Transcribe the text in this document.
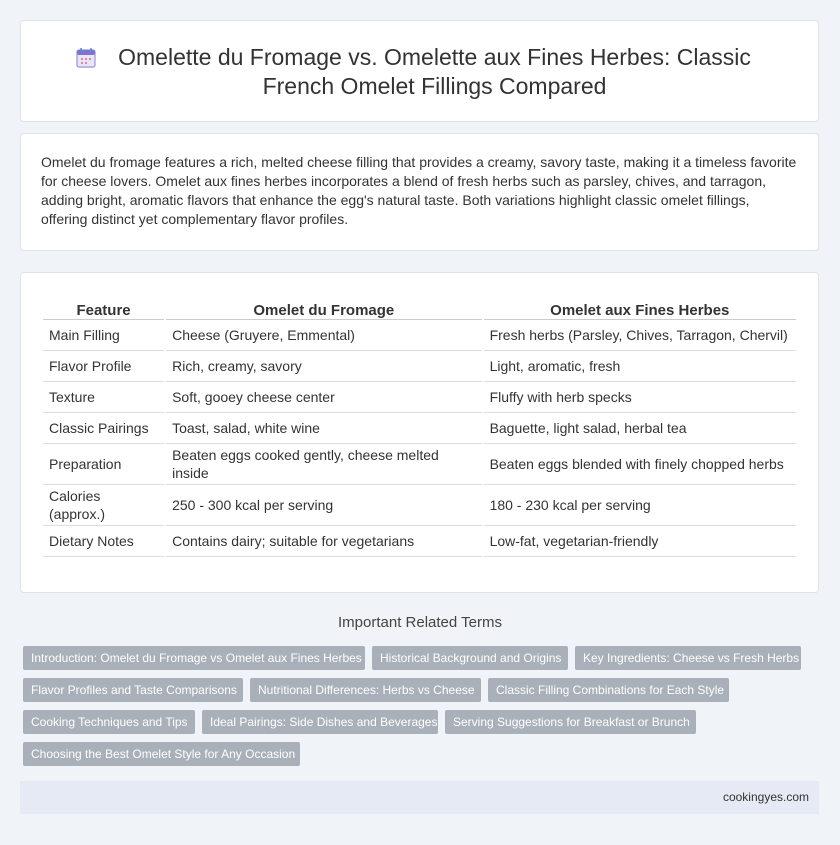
Omelette du Fromage vs. Omelette aux Fines Herbes: Classic French Omelet Fillings Compared

Omelet du fromage features a rich, melted cheese filling that provides a creamy, savory taste, making it a timeless favorite for cheese lovers. Omelet aux fines herbes incorporates a blend of fresh herbs such as parsley, chives, and tarragon, adding bright, aromatic flavors that enhance the egg's natural taste. Both variations highlight classic omelet fillings, offering distinct yet complementary flavor profiles.

Feature	Omelet du Fromage	Omelet aux Fines Herbes
Main Filling	Cheese (Gruyere, Emmental)	Fresh herbs (Parsley, Chives, Tarragon, Chervil)
Flavor Profile	Rich, creamy, savory	Light, aromatic, fresh
Texture	Soft, gooey cheese center	Fluffy with herb specks
Classic Pairings	Toast, salad, white wine	Baguette, light salad, herbal tea
Preparation	Beaten eggs cooked gently, cheese melted inside	Beaten eggs blended with finely chopped herbs
Calories (approx.)	250 - 300 kcal per serving	180 - 230 kcal per serving
Dietary Notes	Contains dairy; suitable for vegetarians	Low-fat, vegetarian-friendly
Important Related Terms
Introduction: Omelet du Fromage vs Omelet aux Fines Herbes	Historical Background and Origins	Key Ingredients: Cheese vs Fresh Herbs
Flavor Profiles and Taste Comparisons	Nutritional Differences: Herbs vs Cheese	Classic Filling Combinations for Each Style
Cooking Techniques and Tips	Ideal Pairings: Side Dishes and Beverages	Serving Suggestions for Breakfast or Brunch
Choosing the Best Omelet Style for Any Occasion
cookingyes.com
